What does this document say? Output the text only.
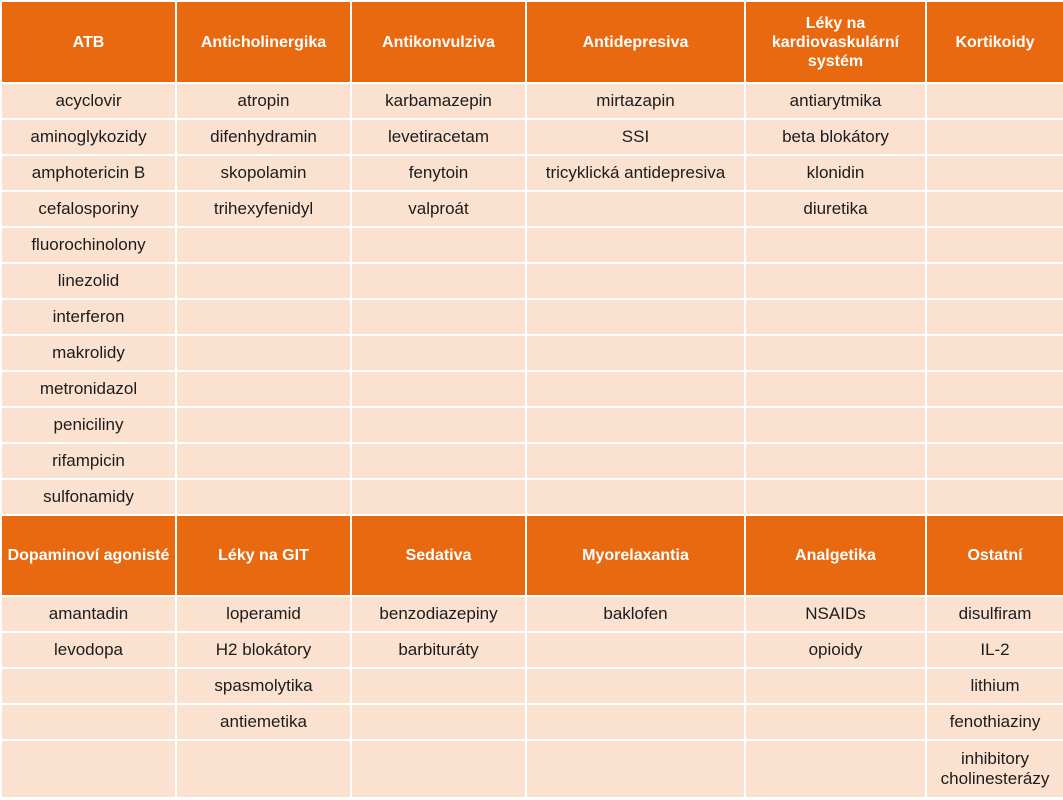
ATB	Anticholinergika	Antikonvulziva	Antidepresiva	Léky na kardiovaskulární systém	Kortikoidy
acyclovir	atropin	karbamazepin	mirtazapin	antiarytmika	
aminoglykozidy	difenhydramin	levetiracetam	SSI	beta blokátory	
amphotericin B	skopolamin	fenytoin	tricyklická antidepresiva	klonidin	
cefalosporiny	trihexyfenidyl	valproát		diuretika	
fluorochinolony					
linezolid					
interferon					
makrolidy					
metronidazol					
peniciliny					
rifampicin					
sulfonamidy					
Dopaminoví agonisté	Léky na GIT	Sedativa	Myorelaxantia	Analgetika	Ostatní
amantadin	loperamid	benzodiazepiny	baklofen	NSAIDs	disulfiram
levodopa	H2 blokátory	barbituráty		opioidy	IL-2
	spasmolytika				lithium
	antiemetika				fenothiaziny
					inhibitory cholinesterázy
